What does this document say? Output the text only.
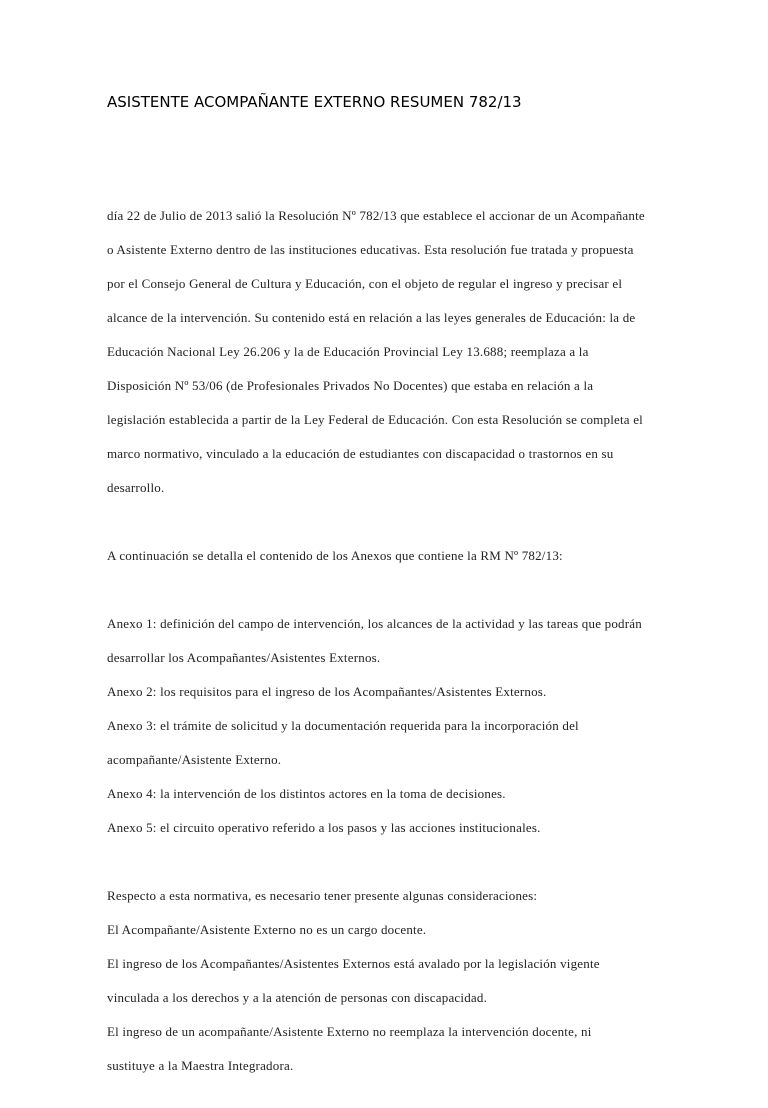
ASISTENTE ACOMPAÑANTE EXTERNO RESUMEN 782/13

día 22 de Julio de 2013 salió la Resolución Nº 782/13 que establece el accionar de un Acompañante

o Asistente Externo dentro de las instituciones educativas. Esta resolución fue tratada y propuesta

por el Consejo General de Cultura y Educación, con el objeto de regular el ingreso y precisar el

alcance de la intervención. Su contenido está en relación a las leyes generales de Educación: la de

Educación Nacional Ley 26.206 y la de Educación Provincial Ley 13.688; reemplaza a la

Disposición Nº 53/06 (de Profesionales Privados No Docentes) que estaba en relación a la

legislación establecida a partir de la Ley Federal de Educación. Con esta Resolución se completa el

marco normativo, vinculado a la educación de estudiantes con discapacidad o trastornos en su

desarrollo.

A continuación se detalla el contenido de los Anexos que contiene la RM Nº 782/13:

Anexo 1: definición del campo de intervención, los alcances de la actividad y las tareas que podrán

desarrollar los Acompañantes/Asistentes Externos.

Anexo 2: los requisitos para el ingreso de los Acompañantes/Asistentes Externos.

Anexo 3: el trámite de solicitud y la documentación requerida para la incorporación del

acompañante/Asistente Externo.

Anexo 4: la intervención de los distintos actores en la toma de decisiones.

Anexo 5: el circuito operativo referido a los pasos y las acciones institucionales.

Respecto a esta normativa, es necesario tener presente algunas consideraciones:

El Acompañante/Asistente Externo no es un cargo docente.

El ingreso de los Acompañantes/Asistentes Externos está avalado por la legislación vigente

vinculada a los derechos y a la atención de personas con discapacidad.

El ingreso de un acompañante/Asistente Externo no reemplaza la intervención docente, ni

sustituye a la Maestra Integradora.
